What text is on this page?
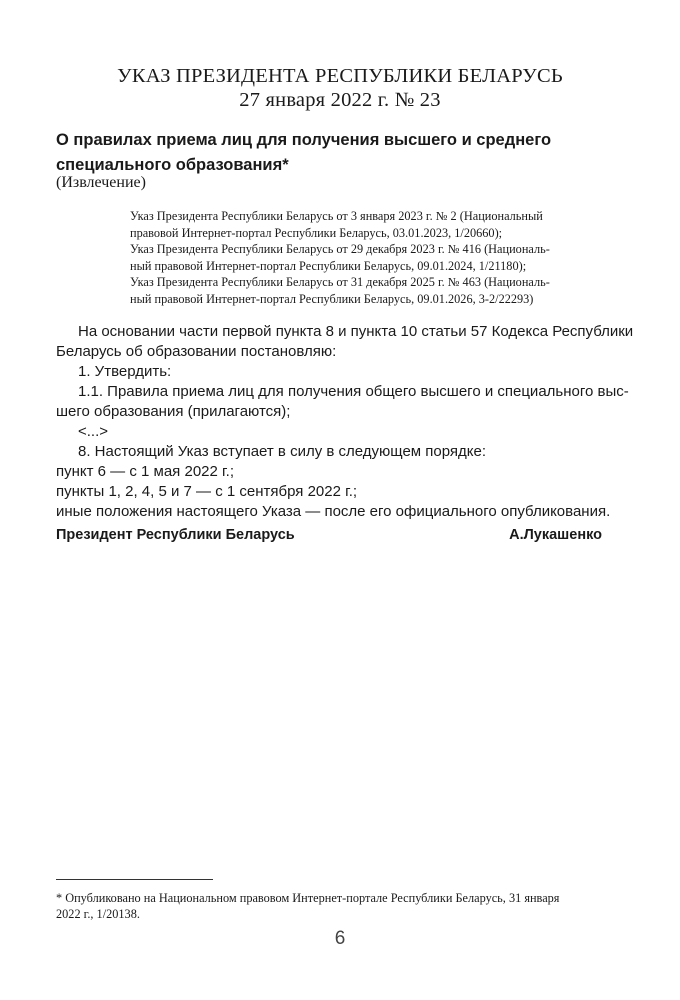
УКАЗ ПРЕЗИДЕНТА РЕСПУБЛИКИ БЕЛАРУСЬ
27 января 2022 г. № 23
О правилах приема лиц для получения высшего и среднего
специального образования*
(Извлечение)
Указ Президента Республики Беларусь от 3 января 2023 г. № 2 (Национальный
правовой Интернет-портал Республики Беларусь, 03.01.2023, 1/20660);
Указ Президента Республики Беларусь от 29 декабря 2023 г. № 416 (Националь-
ный правовой Интернет-портал Республики Беларусь, 09.01.2024, 1/21180);
Указ Президента Республики Беларусь от 31 декабря 2025 г. № 463 (Националь-
ный правовой Интернет-портал Республики Беларусь, 09.01.2026, 3-2/22293)
На основании части первой пункта 8 и пункта 10 статьи 57 Кодекса Республики
Беларусь об образовании постановляю:
1. Утвердить:
1.1. Правила приема лиц для получения общего высшего и специального выс-
шего образования (прилагаются);
<...>
8. Настоящий Указ вступает в силу в следующем порядке:
пункт 6 — с 1 мая 2022 г.;
пункты 1, 2, 4, 5 и 7 — с 1 сентября 2022 г.;
иные положения настоящего Указа — после его официального опубликования.
Президент Республики Беларусь	А.Лукашенко
* Опубликовано на Национальном правовом Интернет-портале Республики Беларусь, 31 января
2022 г., 1/20138.
6
